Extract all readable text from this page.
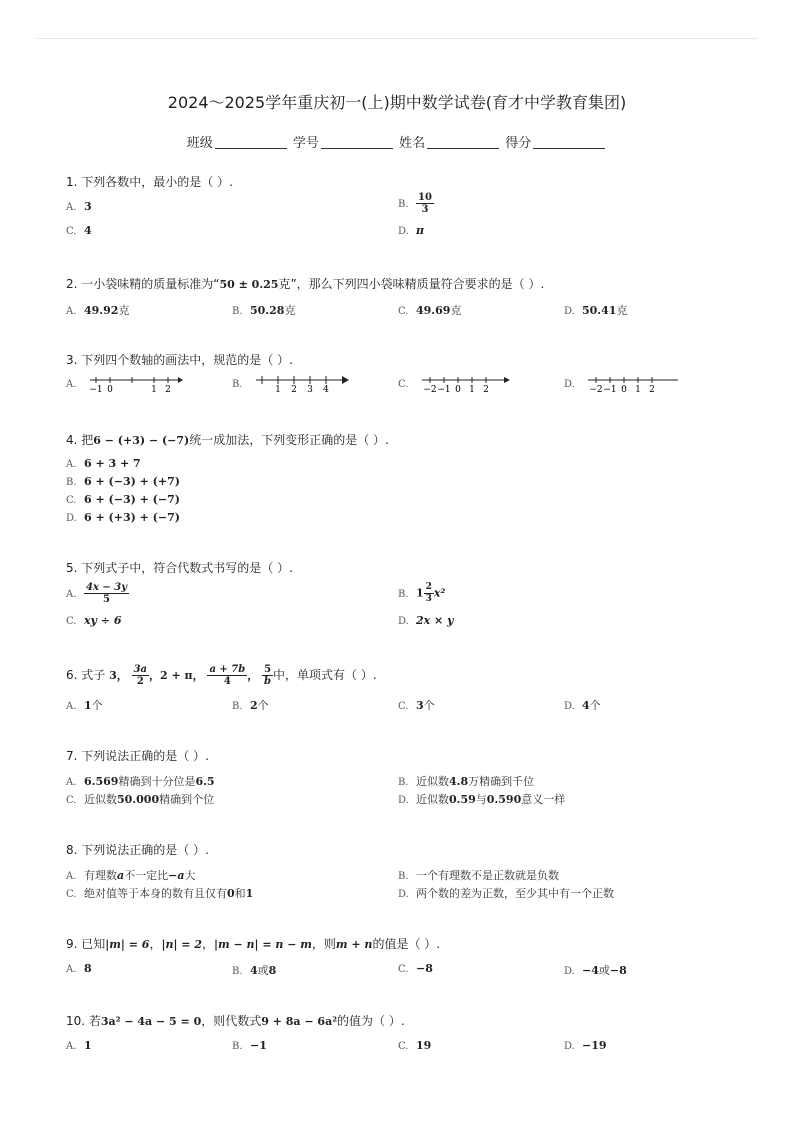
2024～2025学年重庆初一(上)期中数学试卷(育才中学教育集团)
班级	学号	姓名	得分
1. 下列各数中，最小的是（ ）.
A. 3	B. $\frac{10}{3}$
C. 4	D. π
2. 一小袋味精的质量标准为“50 ± 0.25克”，那么下列四小袋味精质量符合要求的是（ ）.
A. 49.92克	B. 50.28克	C. 49.69克	D. 50.41克
3. 下列四个数轴的画法中，规范的是（ ）.
A. −1 0	1 2	B.	1 2 3 4	C. −2 −1 0 1 2	D. −2 −1 0 1 2
4. 把6 − (+3) − (−7)统一成加法，下列变形正确的是（ ）.
A. 6 + 3 + 7
B. 6 + (−3) + (+7)
C. 6 + (−3) + (−7)
D. 6 + (+3) + (−7)
5. 下列式子中，符合代数式书写的是（ ）.
A. $\frac{4x - 3y}{5}$	B. $1 \frac{2}{3} x^2$
C. xy ÷ 6	D. 2x × y
6. 式子 3， $\frac{3a}{2}$ ，2 + π， $\frac{a + 7b}{4}$ ， $\frac{5}{b}$ 中，单项式有（ ）.
A. 1个	B. 2个	C. 3个	D. 4个
7. 下列说法正确的是（ ）.
A. 6.569精确到十分位是6.5	B. 近似数4.8万精确到千位
C. 近似数50.000精确到个位	D. 近似数0.59与0.590意义一样
8. 下列说法正确的是（ ）.
A. 有理数a不一定比−a大	B. 一个有理数不是正数就是负数
C. 绝对值等于本身的数有且仅有0和1	D. 两个数的差为正数，至少其中有一个正数
9. 已知|m| = 6，|n| = 2，|m − n| = n − m，则m + n的值是（ ）.
A. 8	B. 4或8	C. −8	D. −4或−8
10. 若3a² − 4a − 5 = 0，则代数式9 + 8a − 6a²的值为（ ）.
A. 1	B. −1	C. 19	D. −19
